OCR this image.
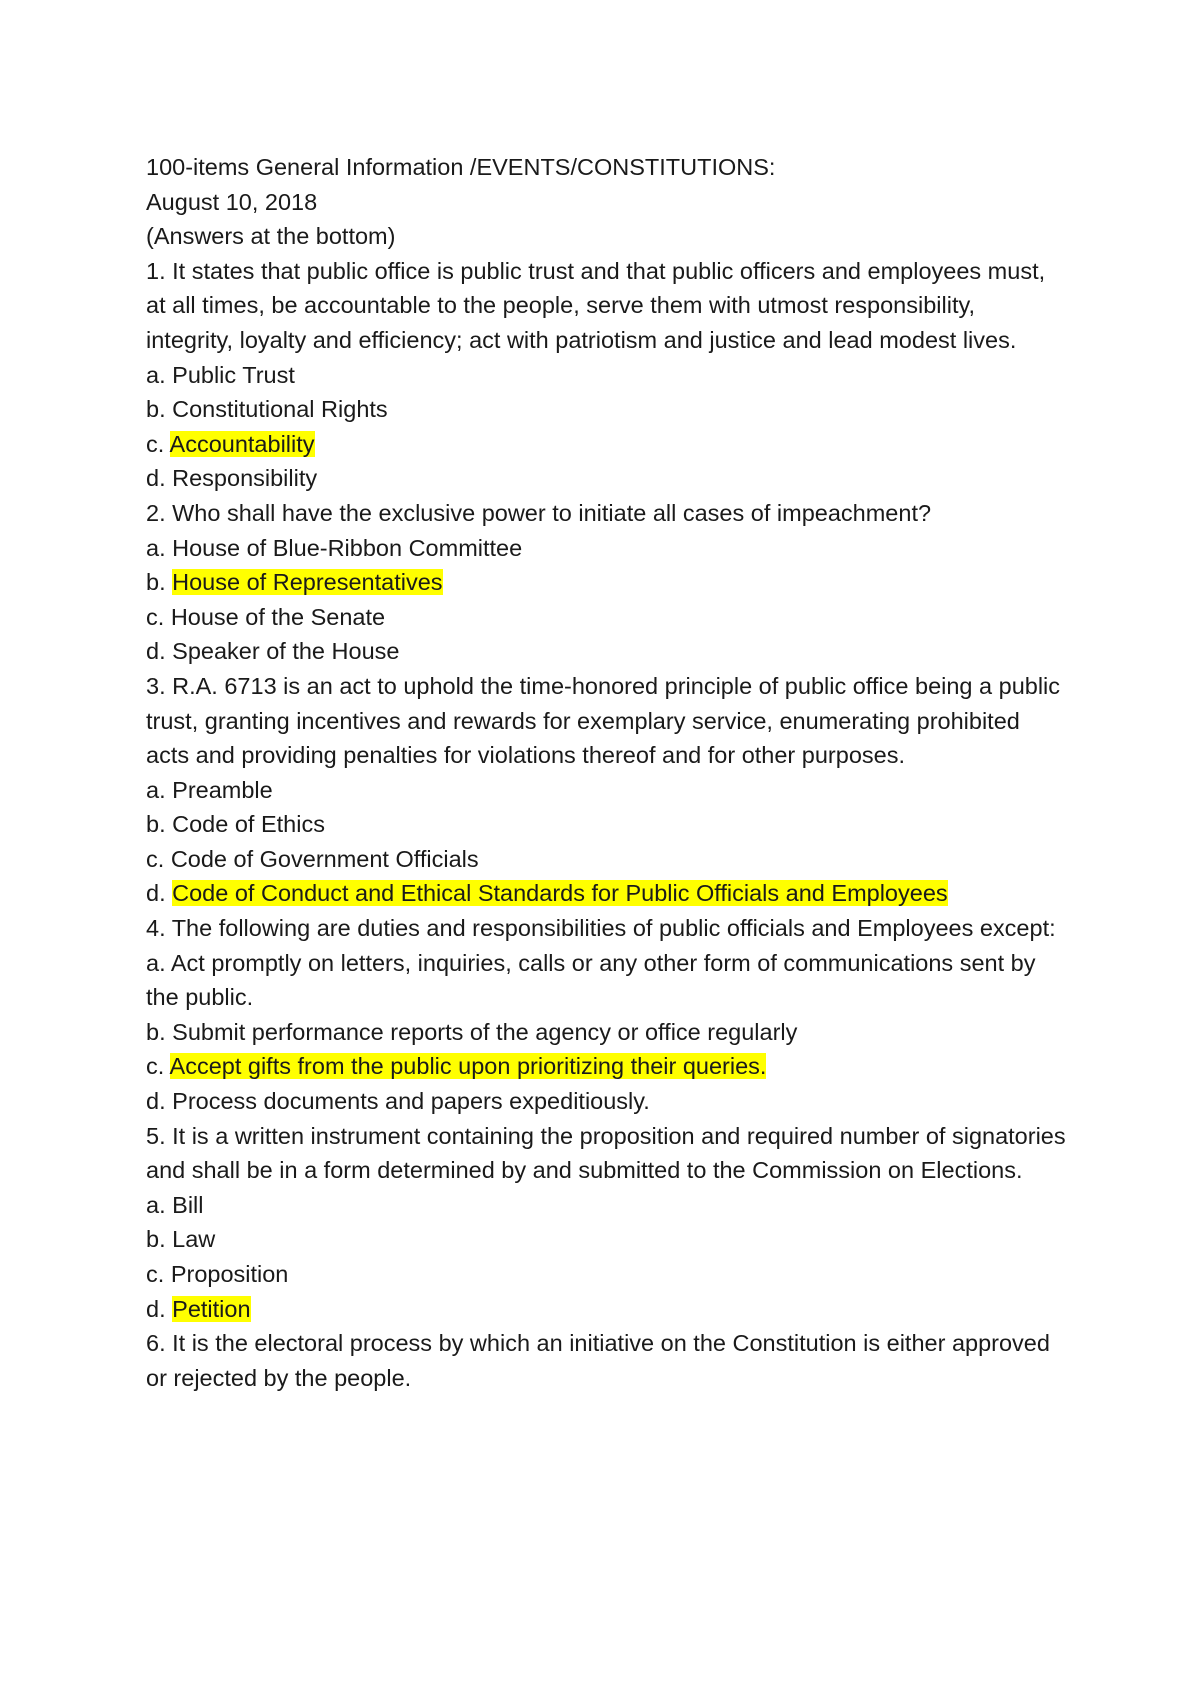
100-items General Information /EVENTS/CONSTITUTIONS:

August 10, 2018

(Answers at the bottom)

1. It states that public office is public trust and that public officers and employees must, at all times, be accountable to the people, serve them with utmost responsibility, integrity, loyalty and efficiency; act with patriotism and justice and lead modest lives.

a. Public Trust

b. Constitutional Rights

c. Accountability

d. Responsibility

2. Who shall have the exclusive power to initiate all cases of impeachment?

a. House of Blue-Ribbon Committee

b. House of Representatives

c. House of the Senate

d. Speaker of the House

3. R.A. 6713 is an act to uphold the time-honored principle of public office being a public trust, granting incentives and rewards for exemplary service, enumerating prohibited acts and providing penalties for violations thereof and for other purposes.

a. Preamble

b. Code of Ethics

c. Code of Government Officials

d. Code of Conduct and Ethical Standards for Public Officials and Employees

4. The following are duties and responsibilities of public officials and Employees except:

a. Act promptly on letters, inquiries, calls or any other form of communications sent by the public.

b. Submit performance reports of the agency or office regularly

c. Accept gifts from the public upon prioritizing their queries.

d. Process documents and papers expeditiously.

5. It is a written instrument containing the proposition and required number of signatories and shall be in a form determined by and submitted to the Commission on Elections.

a. Bill

b. Law

c. Proposition

d. Petition

6. It is the electoral process by which an initiative on the Constitution is either approved or rejected by the people.
